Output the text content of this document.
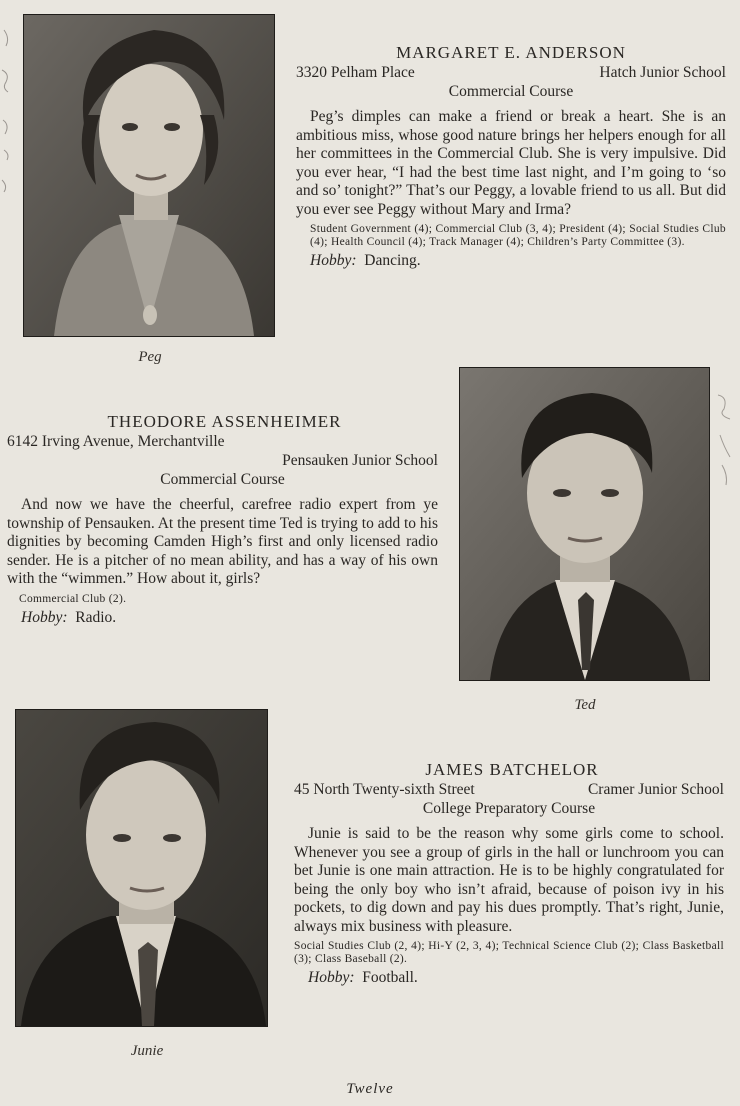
Peg
MARGARET E. ANDERSON
3320 Pelham Place	Hatch Junior School
Commercial Course
Peg’s dimples can make a friend or break a heart. She is an ambitious miss, whose good nature brings her helpers enough for all her committees in the Commercial Club. She is very impulsive. Did you ever hear, “I had the best time last night, and I’m going to ‘so and so’ tonight?” That’s our Peggy, a lovable friend to us all. But did you ever see Peggy without Mary and Irma?
Student Government (4); Commercial Club (3, 4); President (4); Social Studies Club (4); Health Council (4); Track Manager (4); Children’s Party Committee (3).
Hobby: Dancing.
THEODORE ASSENHEIMER
6142 Irving Avenue, Merchantville
Pensauken Junior School
Commercial Course
And now we have the cheerful, carefree radio expert from ye township of Pensauken. At the present time Ted is trying to add to his dignities by becoming Camden High’s first and only licensed radio sender. He is a pitcher of no mean ability, and has a way of his own with the “wimmen.” How about it, girls?
Commercial Club (2).
Hobby: Radio.
Ted
Junie
JAMES BATCHELOR
45 North Twenty-sixth Street	Cramer Junior School
College Preparatory Course
Junie is said to be the reason why some girls come to school. Whenever you see a group of girls in the hall or lunchroom you can bet Junie is one main attraction. He is to be highly congratulated for being the only boy who isn’t afraid, because of poison ivy in his pockets, to dig down and pay his dues promptly. That’s right, Junie, always mix business with pleasure.
Social Studies Club (2, 4); Hi-Y (2, 3, 4); Technical Science Club (2); Class Basketball (3); Class Baseball (2).
Hobby: Football.
Twelve
